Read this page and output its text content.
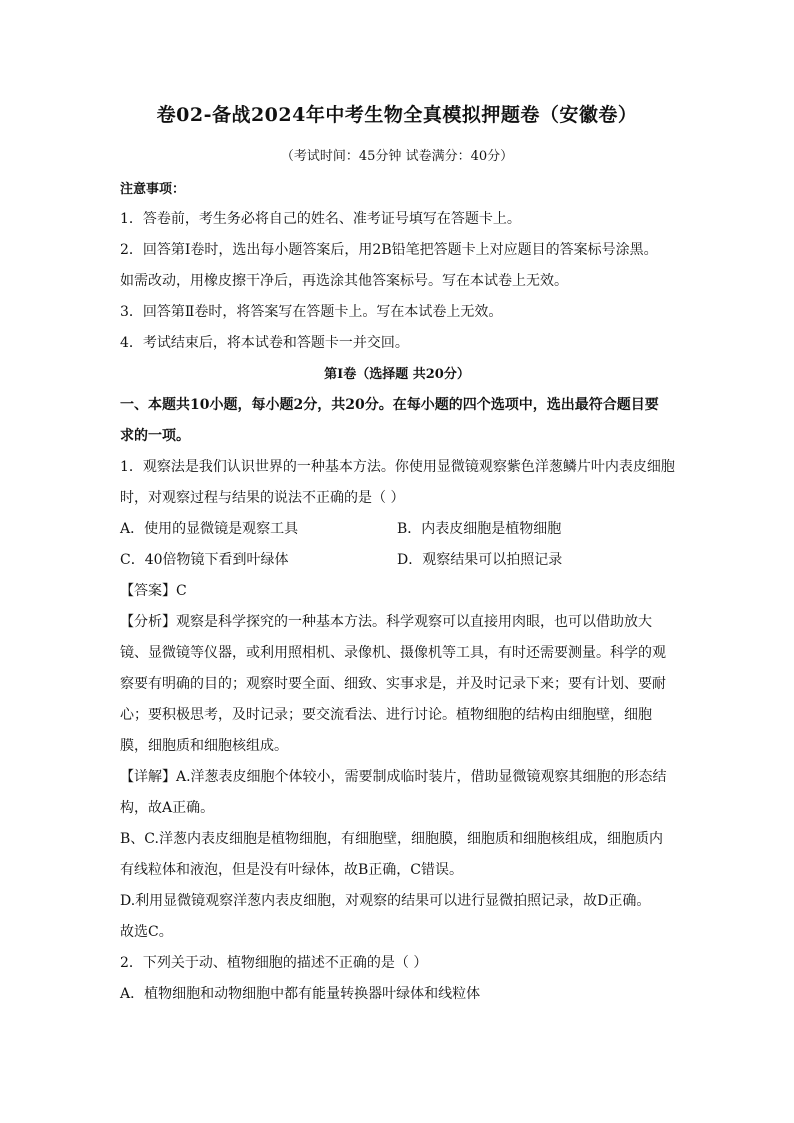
卷02-备战2024年中考生物全真模拟押题卷（安徽卷）
（考试时间：45分钟 试卷满分：40分）
注意事项：
1．答卷前，考生务必将自己的姓名、准考证号填写在答题卡上。
2．回答第Ⅰ卷时，选出每小题答案后，用2B铅笔把答题卡上对应题目的答案标号涂黑。
如需改动，用橡皮擦干净后，再选涂其他答案标号。写在本试卷上无效。
3．回答第Ⅱ卷时，将答案写在答题卡上。写在本试卷上无效。
4．考试结束后，将本试卷和答题卡一并交回。
第Ⅰ卷（选择题 共20分）
一、本题共10小题，每小题2分，共20分。在每小题的四个选项中，选出最符合题目要
求的一项。
1．观察法是我们认识世界的一种基本方法。你使用显微镜观察紫色洋葱鳞片叶内表皮细胞
时，对观察过程与结果的说法不正确的是（ ）
A．使用的显微镜是观察工具	B．内表皮细胞是植物细胞
C．40倍物镜下看到叶绿体	D．观察结果可以拍照记录
【答案】C
【分析】观察是科学探究的一种基本方法。科学观察可以直接用肉眼，也可以借助放大
镜、显微镜等仪器，或利用照相机、录像机、摄像机等工具，有时还需要测量。科学的观
察要有明确的目的；观察时要全面、细致、实事求是，并及时记录下来；要有计划、要耐
心；要积极思考，及时记录；要交流看法、进行讨论。植物细胞的结构由细胞壁，细胞
膜，细胞质和细胞核组成。
【详解】A.洋葱表皮细胞个体较小，需要制成临时装片，借助显微镜观察其细胞的形态结
构，故A正确。
B、C.洋葱内表皮细胞是植物细胞，有细胞壁，细胞膜，细胞质和细胞核组成，细胞质内
有线粒体和液泡，但是没有叶绿体，故B正确，C错误。
D.利用显微镜观察洋葱内表皮细胞，对观察的结果可以进行显微拍照记录，故D正确。
故选C。
2．下列关于动、植物细胞的描述不正确的是（ ）
A．植物细胞和动物细胞中都有能量转换器叶绿体和线粒体
